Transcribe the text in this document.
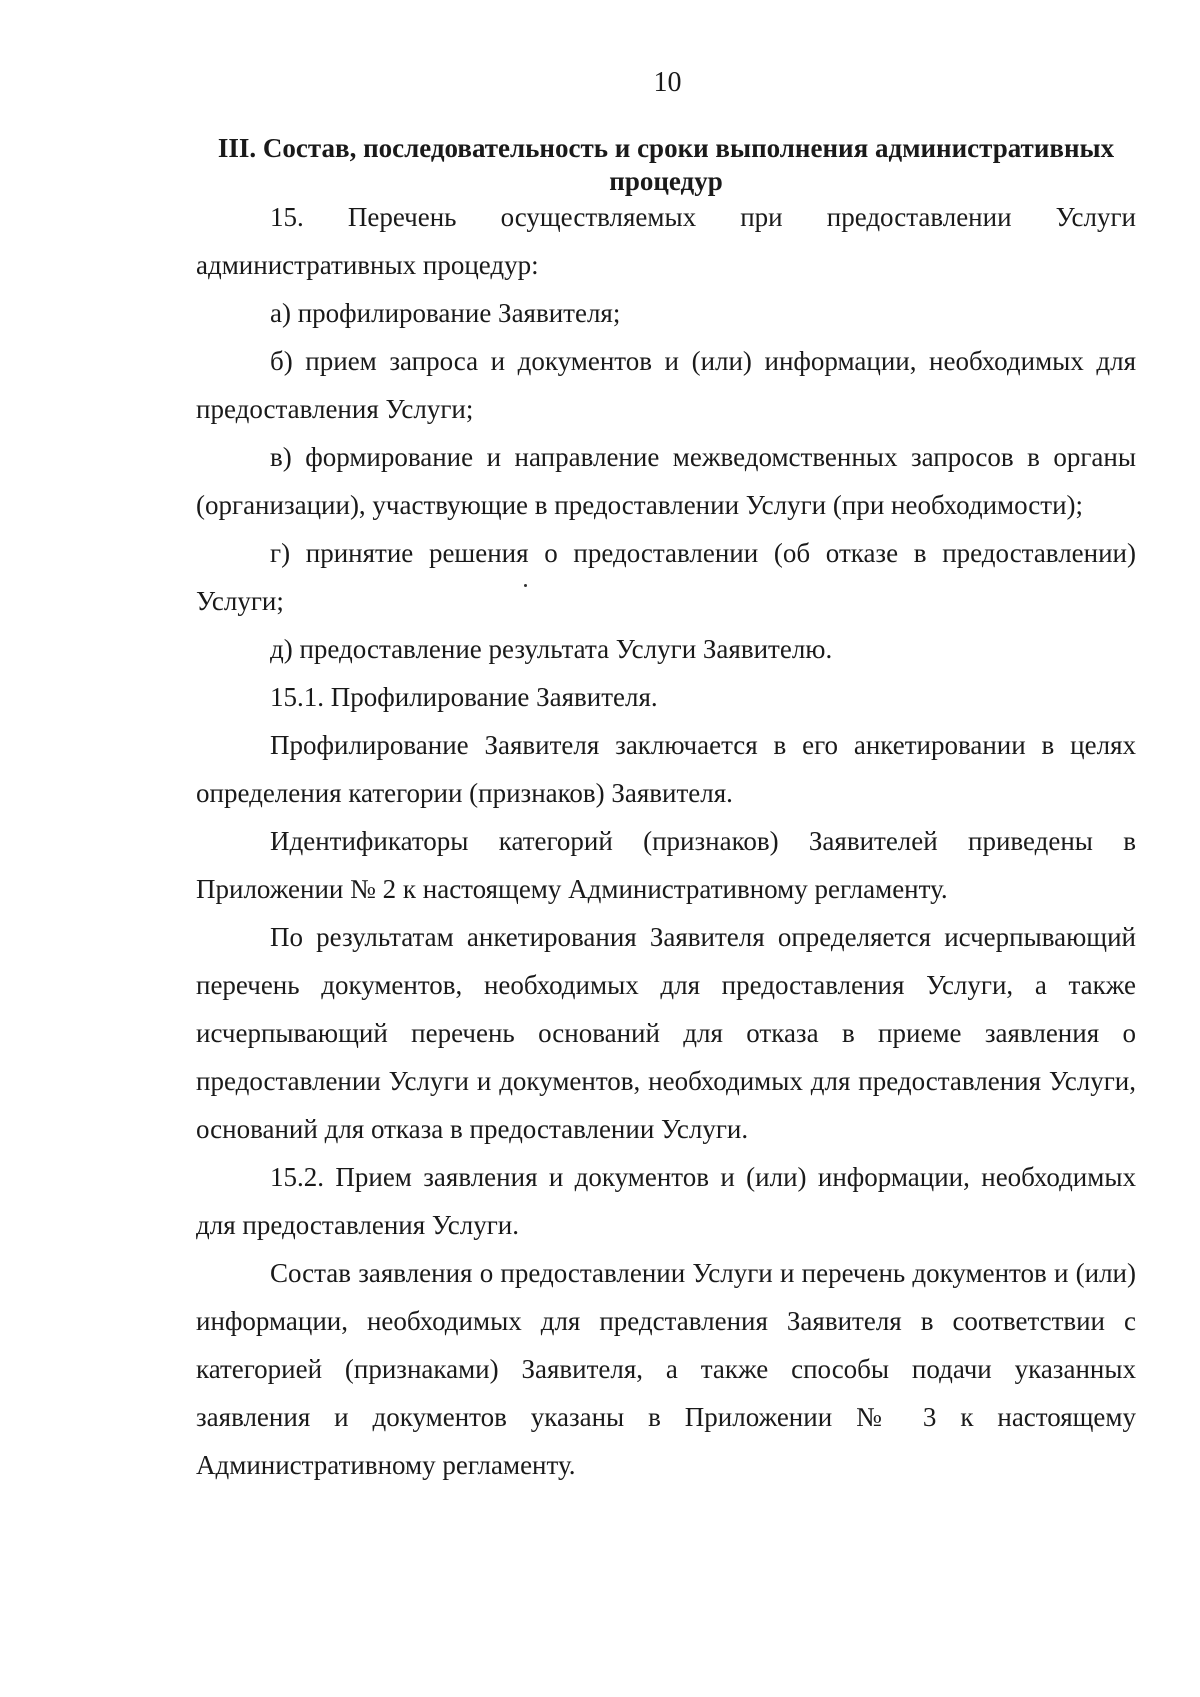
10
III. Состав, последовательность и сроки выполнения административных процедур

15. Перечень осуществляемых при предоставлении Услуги административных процедур:

а) профилирование Заявителя;

б) прием запроса и документов и (или) информации, необходимых для предоставления Услуги;

в) формирование и направление межведомственных запросов в органы (организации), участвующие в предоставлении Услуги (при необходимости);

г) принятие решения о предоставлении (об отказе в предоставлении) Услуги;

д) предоставление результата Услуги Заявителю.

15.1. Профилирование Заявителя.

Профилирование Заявителя заключается в его анкетировании в целях определения категории (признаков) Заявителя.

Идентификаторы категорий (признаков) Заявителей приведены в Приложении № 2 к настоящему Административному регламенту.

По результатам анкетирования Заявителя определяется исчерпывающий перечень документов, необходимых для предоставления Услуги, а также исчерпывающий перечень оснований для отказа в приеме заявления о предоставлении Услуги и документов, необходимых для предоставления Услуги, оснований для отказа в предоставлении Услуги.

15.2. Прием заявления и документов и (или) информации, необходимых для предоставления Услуги.

Состав заявления о предоставлении Услуги и перечень документов и (или) информации, необходимых для представления Заявителя в соответствии с категорией (признаками) Заявителя, а также способы подачи указанных заявления и документов указаны в Приложении № 3 к настоящему Административному регламенту.
